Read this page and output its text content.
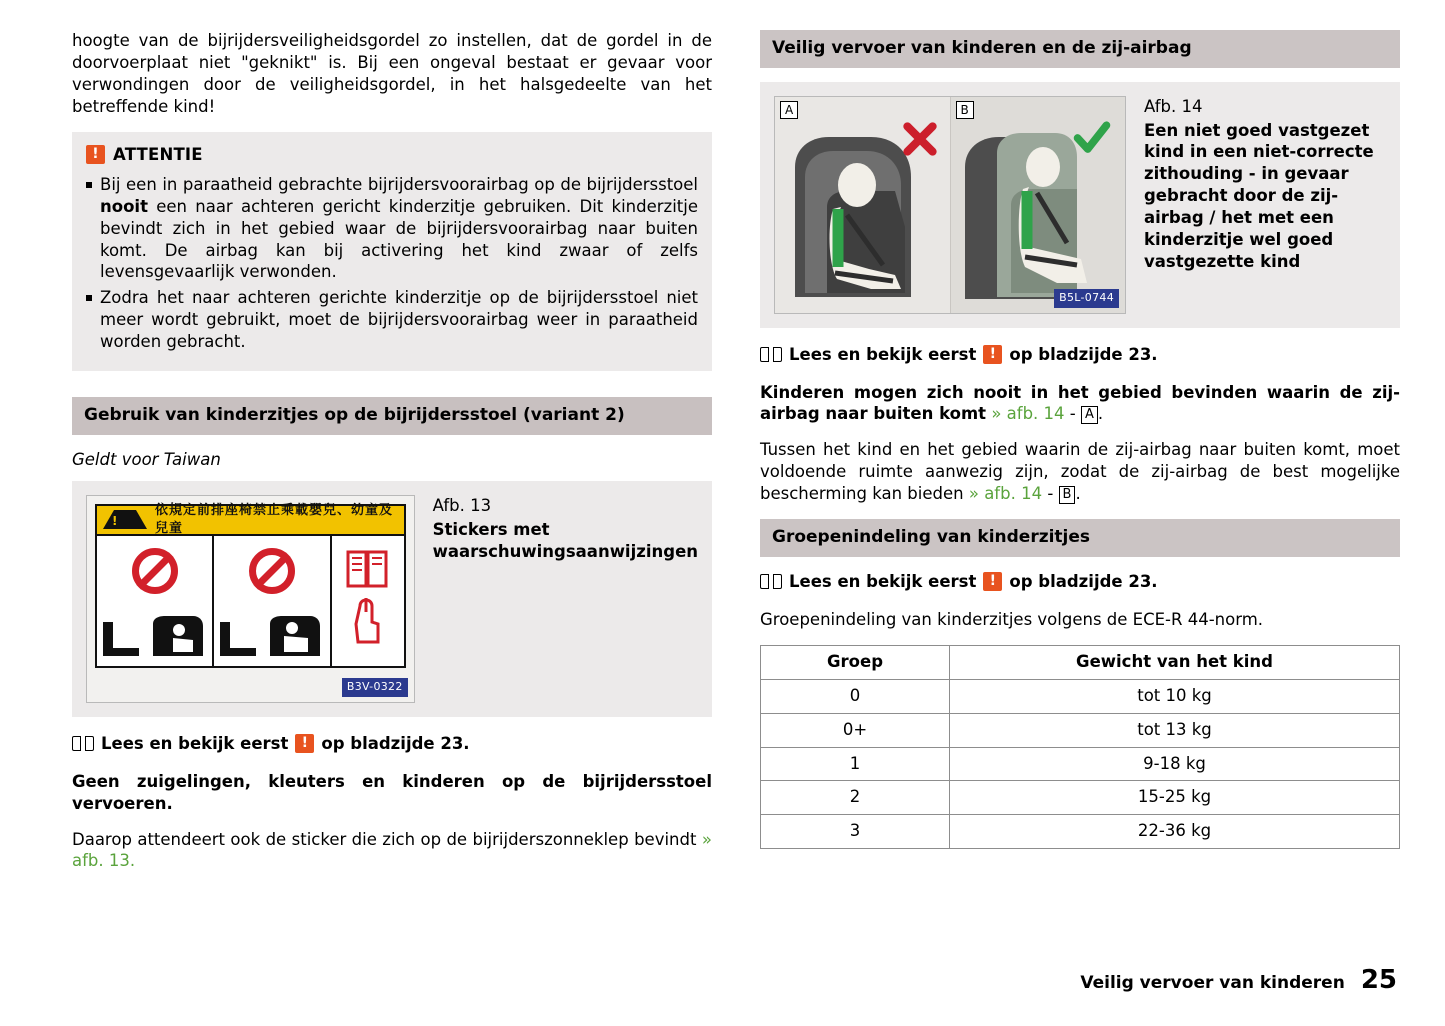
hoogte van de bijrijdersveiligheidsgordel zo instellen, dat de gordel in de doorvoerplaat niet "geknikt" is. Bij een ongeval bestaat er gevaar voor verwondingen door de veiligheidsgordel, in het halsgedeelte van het betreffende kind!

! ATTENTIE
Bij een in paraatheid gebrachte bijrijdersvoorairbag op de bijrijdersstoel nooit een naar achteren gericht kinderzitje gebruiken. Dit kinderzitje bevindt zich in het gebied waar de bijrijdersvoorairbag naar buiten komt. De airbag kan bij activering het kind zwaar of zelfs levensgevaarlijk verwonden.
Zodra het naar achteren gerichte kinderzitje op de bijrijdersstoel niet meer wordt gebruikt, moet de bijrijdersvoorairbag weer in paraatheid worden gebracht.
Gebruik van kinderzitjes op de bijrijdersstoel (variant 2)

Geldt voor Taiwan

!
依規定前排座椅禁止乘載嬰兒、幼童及兒童
B3V-0322
Afb. 13
Stickers met waarschuwingsaanwijzingen
Lees en bekijk eerst ! op bladzijde 23.

Geen zuigelingen, kleuters en kinderen op de bijrijdersstoel vervoeren.

Daarop attendeert ook de sticker die zich op de bijrijderszonneklep bevindt » afb. 13.

Veilig vervoer van kinderen en de zij-airbag
A	B
B5L-0744
Afb. 14
Een niet goed vastgezet kind in een niet-correcte zithouding - in gevaar gebracht door de zij-airbag / het met een kinderzitje wel goed vastgezette kind
Lees en bekijk eerst ! op bladzijde 23.

Kinderen mogen zich nooit in het gebied bevinden waarin de zij-airbag naar buiten komt » afb. 14 - A .

Tussen het kind en het gebied waarin de zij-airbag naar buiten komt, moet voldoende ruimte aanwezig zijn, zodat de zij-airbag de best mogelijke bescherming kan bieden » afb. 14 - B .

Groepenindeling van kinderzitjes
Lees en bekijk eerst ! op bladzijde 23.

Groepenindeling van kinderzitjes volgens de ECE-R 44-norm.

Groep	Gewicht van het kind
0	tot 10 kg
0+	tot 13 kg
1	9-18 kg
2	15-25 kg
3	22-36 kg
Veilig vervoer van kinderen 25
